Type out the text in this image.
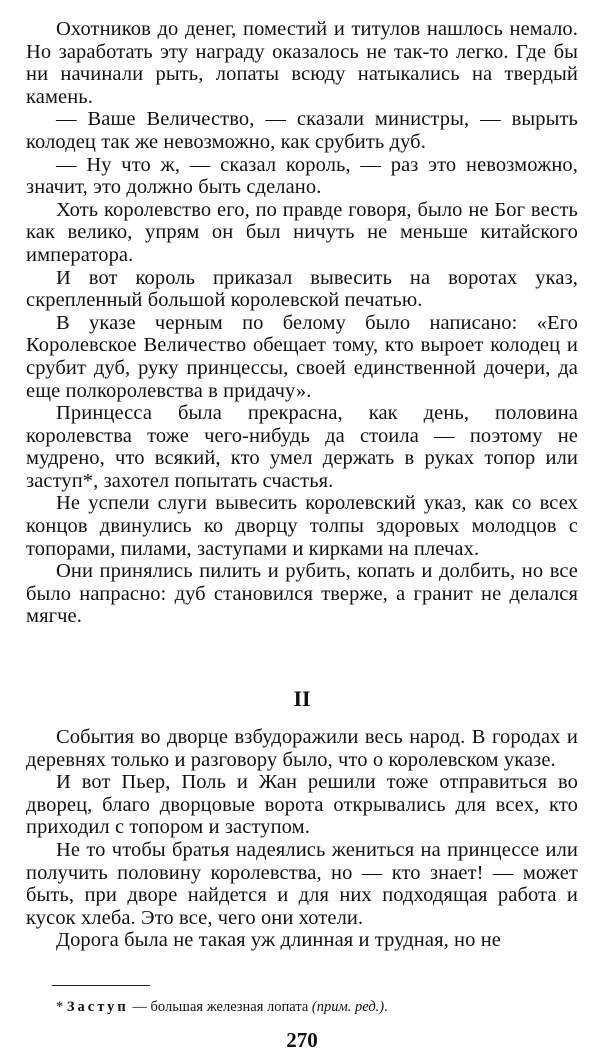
Охотников до денег, поместий и титулов нашлось немало. Но заработать эту награду оказалось не так-то легко. Где бы ни начинали рыть, лопаты всюду натыкались на твердый камень.

— Ваше Величество, — сказали министры, — вырыть колодец так же невозможно, как срубить дуб.

— Ну что ж, — сказал король, — раз это невозможно, значит, это должно быть сделано.

Хоть королевство его, по правде говоря, было не Бог весть как велико, упрям он был ничуть не меньше китайского императора.

И вот король приказал вывесить на воротах указ, скрепленный большой королевской печатью.

В указе черным по белому было написано: «Его Королевское Величество обещает тому, кто выроет колодец и срубит дуб, руку принцессы, своей единственной дочери, да еще полкоролевства в придачу».

Принцесса была прекрасна, как день, половина королевства тоже чего-нибудь да стоила — поэтому не мудрено, что всякий, кто умел держать в руках топор или заступ*, захотел попытать счастья.

Не успели слуги вывесить королевский указ, как со всех концов двинулись ко дворцу толпы здоровых молодцов с топорами, пилами, заступами и кирками на плечах.

Они принялись пилить и рубить, копать и долбить, но все было напрасно: дуб становился тверже, а гранит не делался мягче.

II

События во дворце взбудоражили весь народ. В городах и деревнях только и разговору было, что о королевском указе.

И вот Пьер, Поль и Жан решили тоже отправиться во дворец, благо дворцовые ворота открывались для всех, кто приходил с топором и заступом.

Не то чтобы братья надеялись жениться на принцессе или получить половину королевства, но — кто знает! — может быть, при дворе найдется и для них подходящая работа и кусок хлеба. Это все, чего они хотели.

Дорога была не такая уж длинная и трудная, но не

* Заступ — большая железная лопата (прим. ред.).

270
